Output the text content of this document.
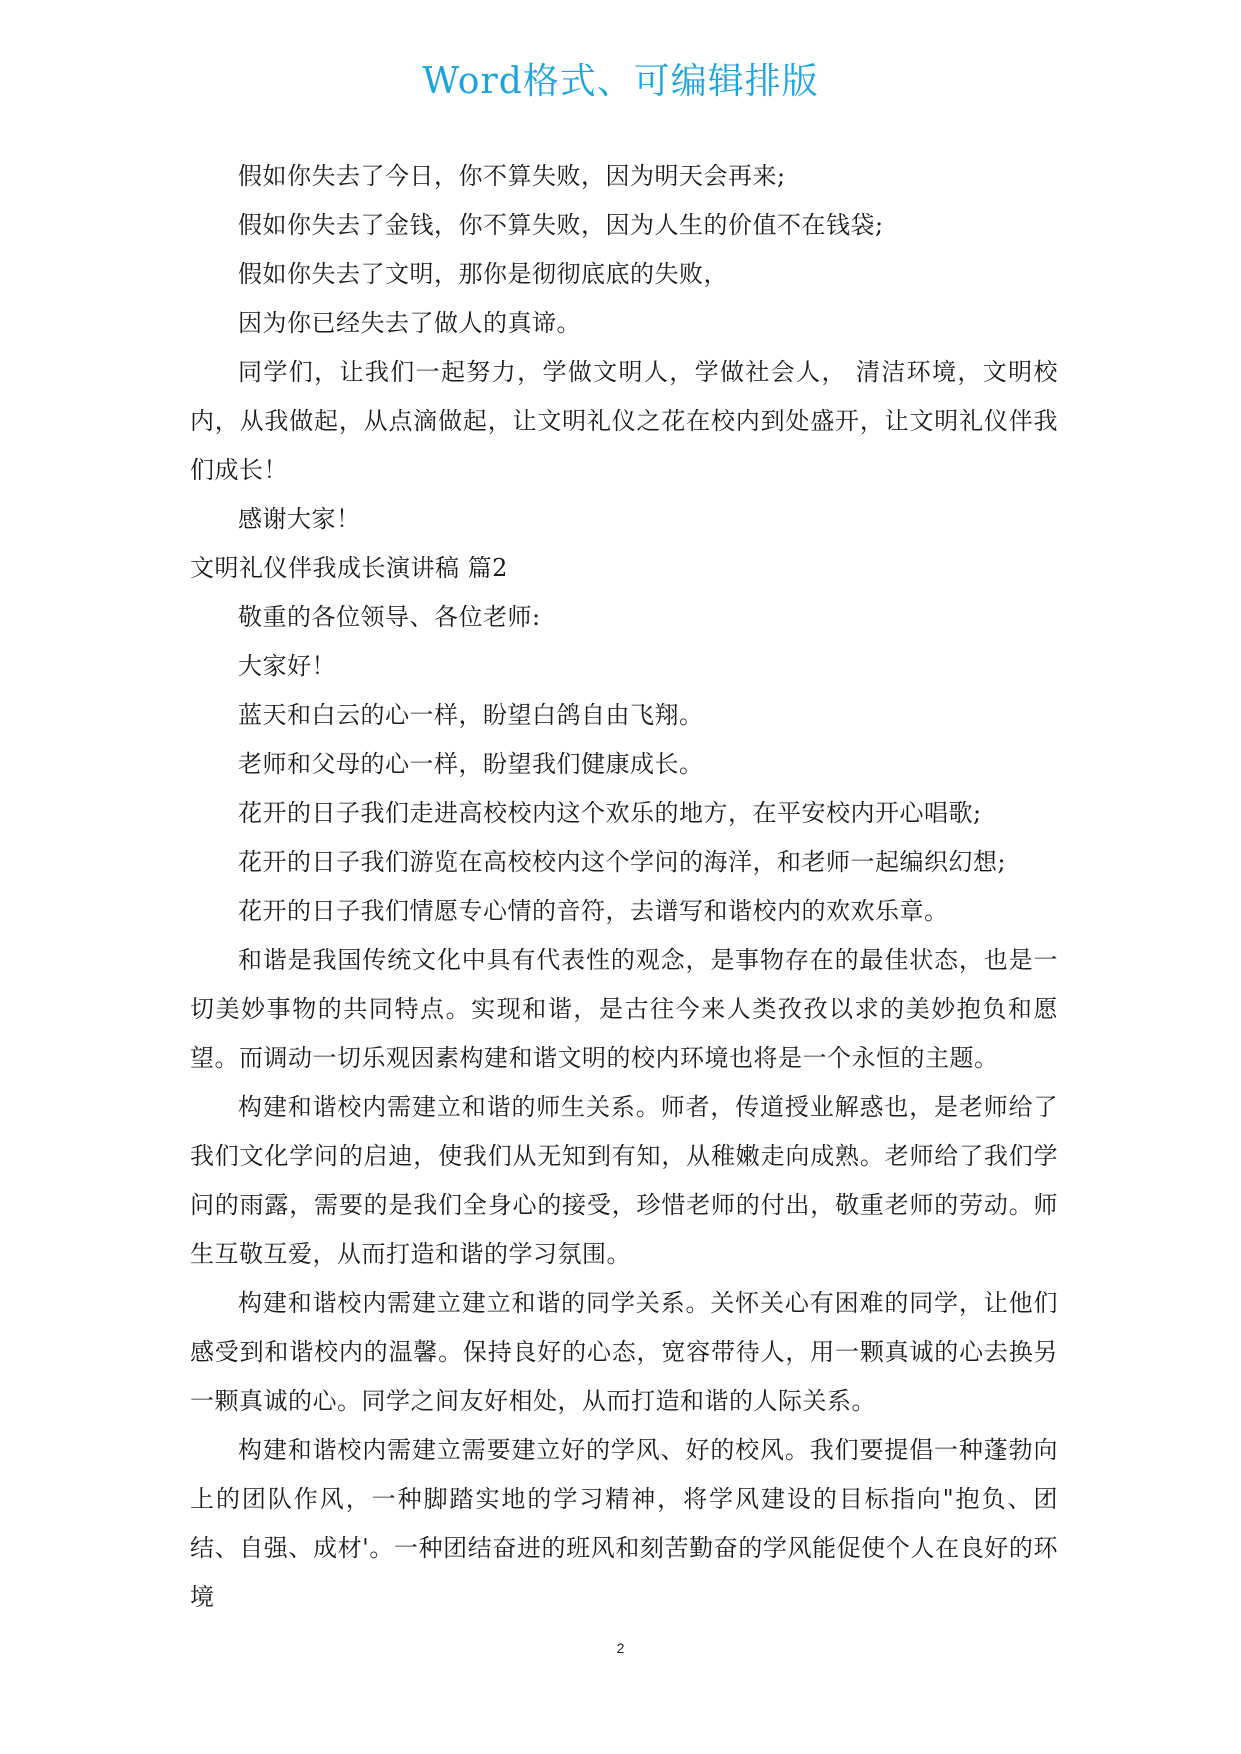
Word格式、可编辑排版

假如你失去了今日，你不算失败，因为明天会再来;

假如你失去了金钱，你不算失败，因为人生的价值不在钱袋;

假如你失去了文明，那你是彻彻底底的失败，

因为你已经失去了做人的真谛。

同学们，让我们一起努力，学做文明人，学做社会人， 清洁环境，文明校内，从我做起，从点滴做起，让文明礼仪之花在校内到处盛开，让文明礼仪伴我们成长！

感谢大家！

文明礼仪伴我成长演讲稿 篇2

敬重的各位领导、各位老师:

大家好！

蓝天和白云的心一样，盼望白鸽自由飞翔。

老师和父母的心一样，盼望我们健康成长。

花开的日子我们走进高校校内这个欢乐的地方，在平安校内开心唱歌;

花开的日子我们游览在高校校内这个学问的海洋，和老师一起编织幻想;

花开的日子我们情愿专心情的音符，去谱写和谐校内的欢欢乐章。

和谐是我国传统文化中具有代表性的观念，是事物存在的最佳状态，也是一切美妙事物的共同特点。实现和谐，是古往今来人类孜孜以求的美妙抱负和愿望。而调动一切乐观因素构建和谐文明的校内环境也将是一个永恒的主题。

构建和谐校内需建立和谐的师生关系。师者，传道授业解惑也，是老师给了我们文化学问的启迪，使我们从无知到有知，从稚嫩走向成熟。老师给了我们学问的雨露，需要的是我们全身心的接受，珍惜老师的付出，敬重老师的劳动。师生互敬互爱，从而打造和谐的学习氛围。

构建和谐校内需建立建立和谐的同学关系。关怀关心有困难的同学，让他们感受到和谐校内的温馨。保持良好的心态，宽容带待人，用一颗真诚的心去换另一颗真诚的心。同学之间友好相处，从而打造和谐的人际关系。

构建和谐校内需建立需要建立好的学风、好的校风。我们要提倡一种蓬勃向上的团队作风，一种脚踏实地的学习精神，将学风建设的目标指向"抱负、团结、自强、成材'。一种团结奋进的班风和刻苦勤奋的学风能促使个人在良好的环境

2
